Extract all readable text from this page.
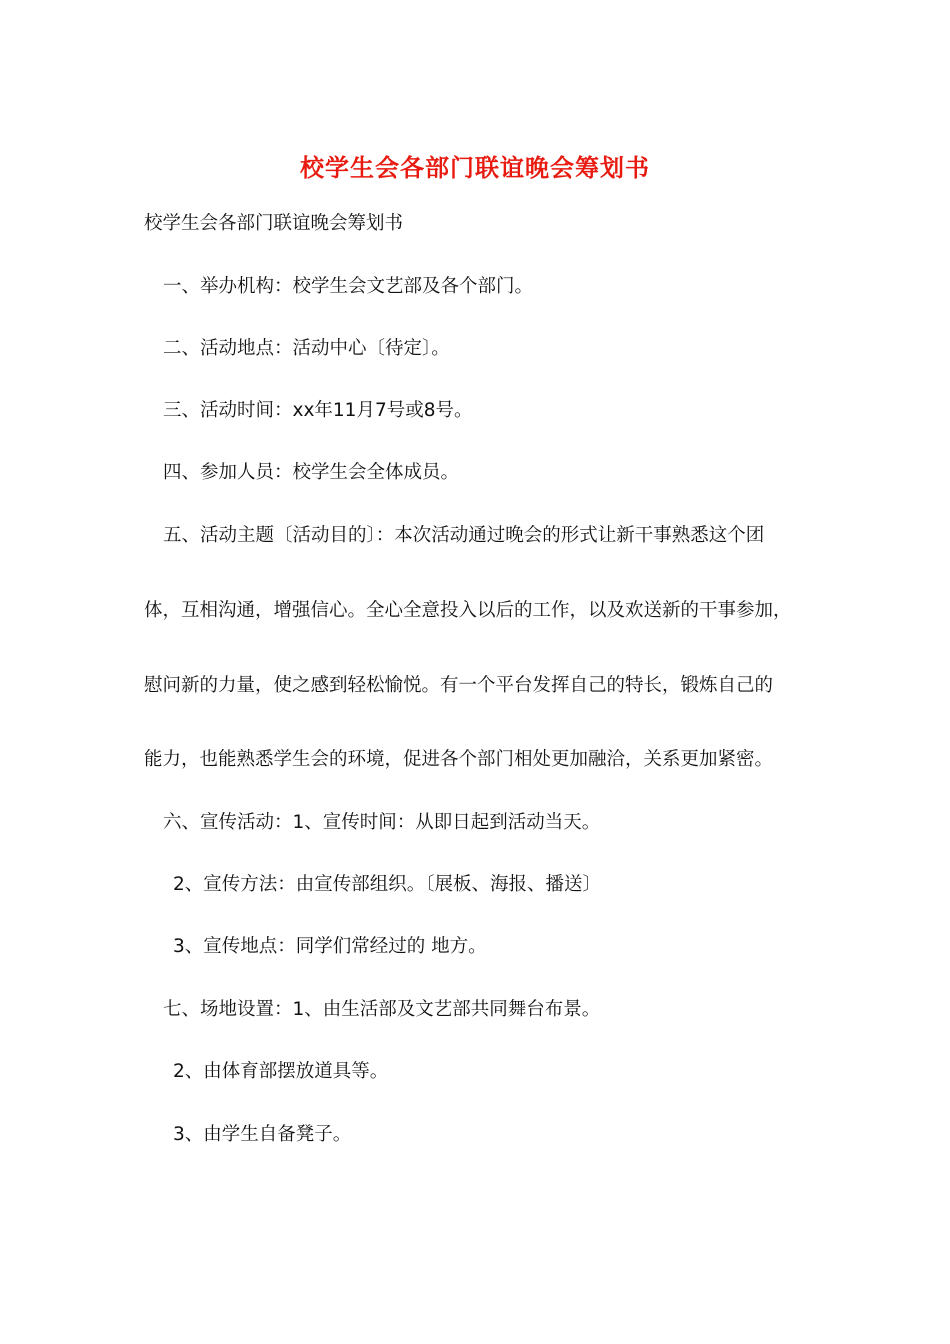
校学生会各部门联谊晚会筹划书

校学生会各部门联谊晚会筹划书

一、举办机构：校学生会文艺部及各个部门。

二、活动地点：活动中心〔待定〕。

三、活动时间：xx年11月7号或8号。

四、参加人员：校学生会全体成员。

五、活动主题〔活动目的〕：本次活动通过晚会的形式让新干事熟悉这个团

体，互相沟通，增强信心。全心全意投入以后的工作，以及欢送新的干事参加，

慰问新的力量，使之感到轻松愉悦。有一个平台发挥自己的特长，锻炼自己的

能力，也能熟悉学生会的环境，促进各个部门相处更加融洽，关系更加紧密。

六、宣传活动：1、宣传时间：从即日起到活动当天。

2、宣传方法：由宣传部组织。〔展板、海报、播送〕

3、宣传地点：同学们常经过的 地方。

七、场地设置：1、由生活部及文艺部共同舞台布景。

2、由体育部摆放道具等。

3、由学生自备凳子。
